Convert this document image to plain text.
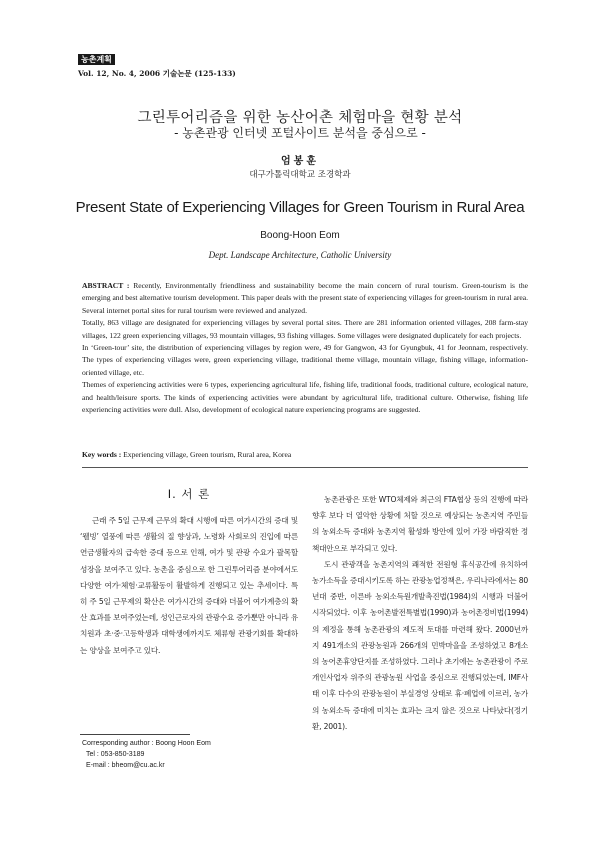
농촌계획
Vol. 12, No. 4, 2006 기술논문 (125-133)
그린투어리즘을 위한 농산어촌 체험마을 현황 분석
- 농촌관광 인터넷 포털사이트 분석을 중심으로 -
엄봉훈
대구가톨릭대학교 조경학과
Present State of Experiencing Villages for Green Tourism in Rural Area
Boong-Hoon Eom
Dept. Landscape Architecture, Catholic University

ABSTRACT : Recently, Environmentally friendliness and sustainability become the main concern of rural tourism. Green-tourism is the emerging and best alternative tourism development. This paper deals with the present state of experiencing villages for green-tourism in rural area. Several internet portal sites for rural tourism were reviewed and analyzed.

Totally, 863 village are designated for experiencing villages by several portal sites. There are 281 information oriented villages, 208 farm-stay villages, 122 green experiencing villages, 93 mountain villages, 93 fishing villages. Some villages were designated duplicately for each projects.

In ‘Green-tour’ site, the distribution of experiencing villages by region were, 49 for Gangwon, 43 for Gyungbuk, 41 for Jeonnam, respectively. The types of experiencing villages were, green experiencing village, traditional theme village, mountain village, fishing village, information-oriented village, etc.

Themes of experiencing activities were 6 types, experiencing agricultural life, fishing life, traditional foods, traditional culture, ecological nature, and health/leisure sports. The kinds of experiencing activities were abundant by agricultural life, traditional culture. Otherwise, fishing life experiencing activities were dull. Also, development of ecological nature experiencing programs are suggested.

Key words : Experiencing village, Green tourism, Rural area, Korea
I. 서 론

근래 주 5일 근무제 근무의 확대 시행에 따른 여가시간의 증대 및 ‘웰빙’ 열풍에 따른 생활의 질 향상과, 노령화 사회로의 진입에 따른 연금생활자의 급속한 증대 등으로 인해, 여가 및 관광 수요가 괄목할 성장을 보여주고 있다. 농촌을 중심으로 한 그린투어리즘 분야에서도 다양한 여가·체험·교류활동이 활발하게 진행되고 있는 추세이다. 특히 주 5일 근무제의 확산은 여가시간의 증대와 더불어 여가계층의 확산 효과를 보여주었는데, 성인근로자의 관광수요 증가뿐만 아니라 유치원과 초·중·고등학생과 대학생에까지도 체류형 관광기회를 확대하는 양상을 보여주고 있다.

농촌관광은 또한 WTO체제와 최근의 FTA협상 등의 진행에 따라 향후 보다 더 열악한 상황에 처할 것으로 예상되는 농촌지역 주민들의 농외소득 증대와 농촌지역 활성화 방안에 있어 가장 바람직한 정책대안으로 부각되고 있다.

도시 관광객을 농촌지역의 쾌적한 전원형 휴식공간에 유치하여 농가소득을 증대시키도록 하는 관광농업정책은, 우리나라에서는 80년대 중반, 이른바 농외소득원개발촉진법(1984)의 시행과 더불어 시작되었다. 이후 농어촌발전특별법(1990)과 농어촌정비법(1994)의 제정을 통해 농촌관광의 제도적 토대를 마련해 왔다. 2000년까지 491개소의 관광농원과 266개의 민박마을을 조성하였고 8개소의 농어촌휴양단지를 조성하였다. 그러나 초기에는 농촌관광이 주로 개인사업자 위주의 관광농원 사업을 중심으로 진행되었는데, IMF사태 이후 다수의 관광농원이 부실경영 상태로 휴·폐업에 이르러, 농가의 농외소득 증대에 미치는 효과는 크지 않은 것으로 나타났다(정기환, 2001).

Corresponding author : Boong Hoon Eom
Tel : 053-850-3189
E-mail : bheom@cu.ac.kr
